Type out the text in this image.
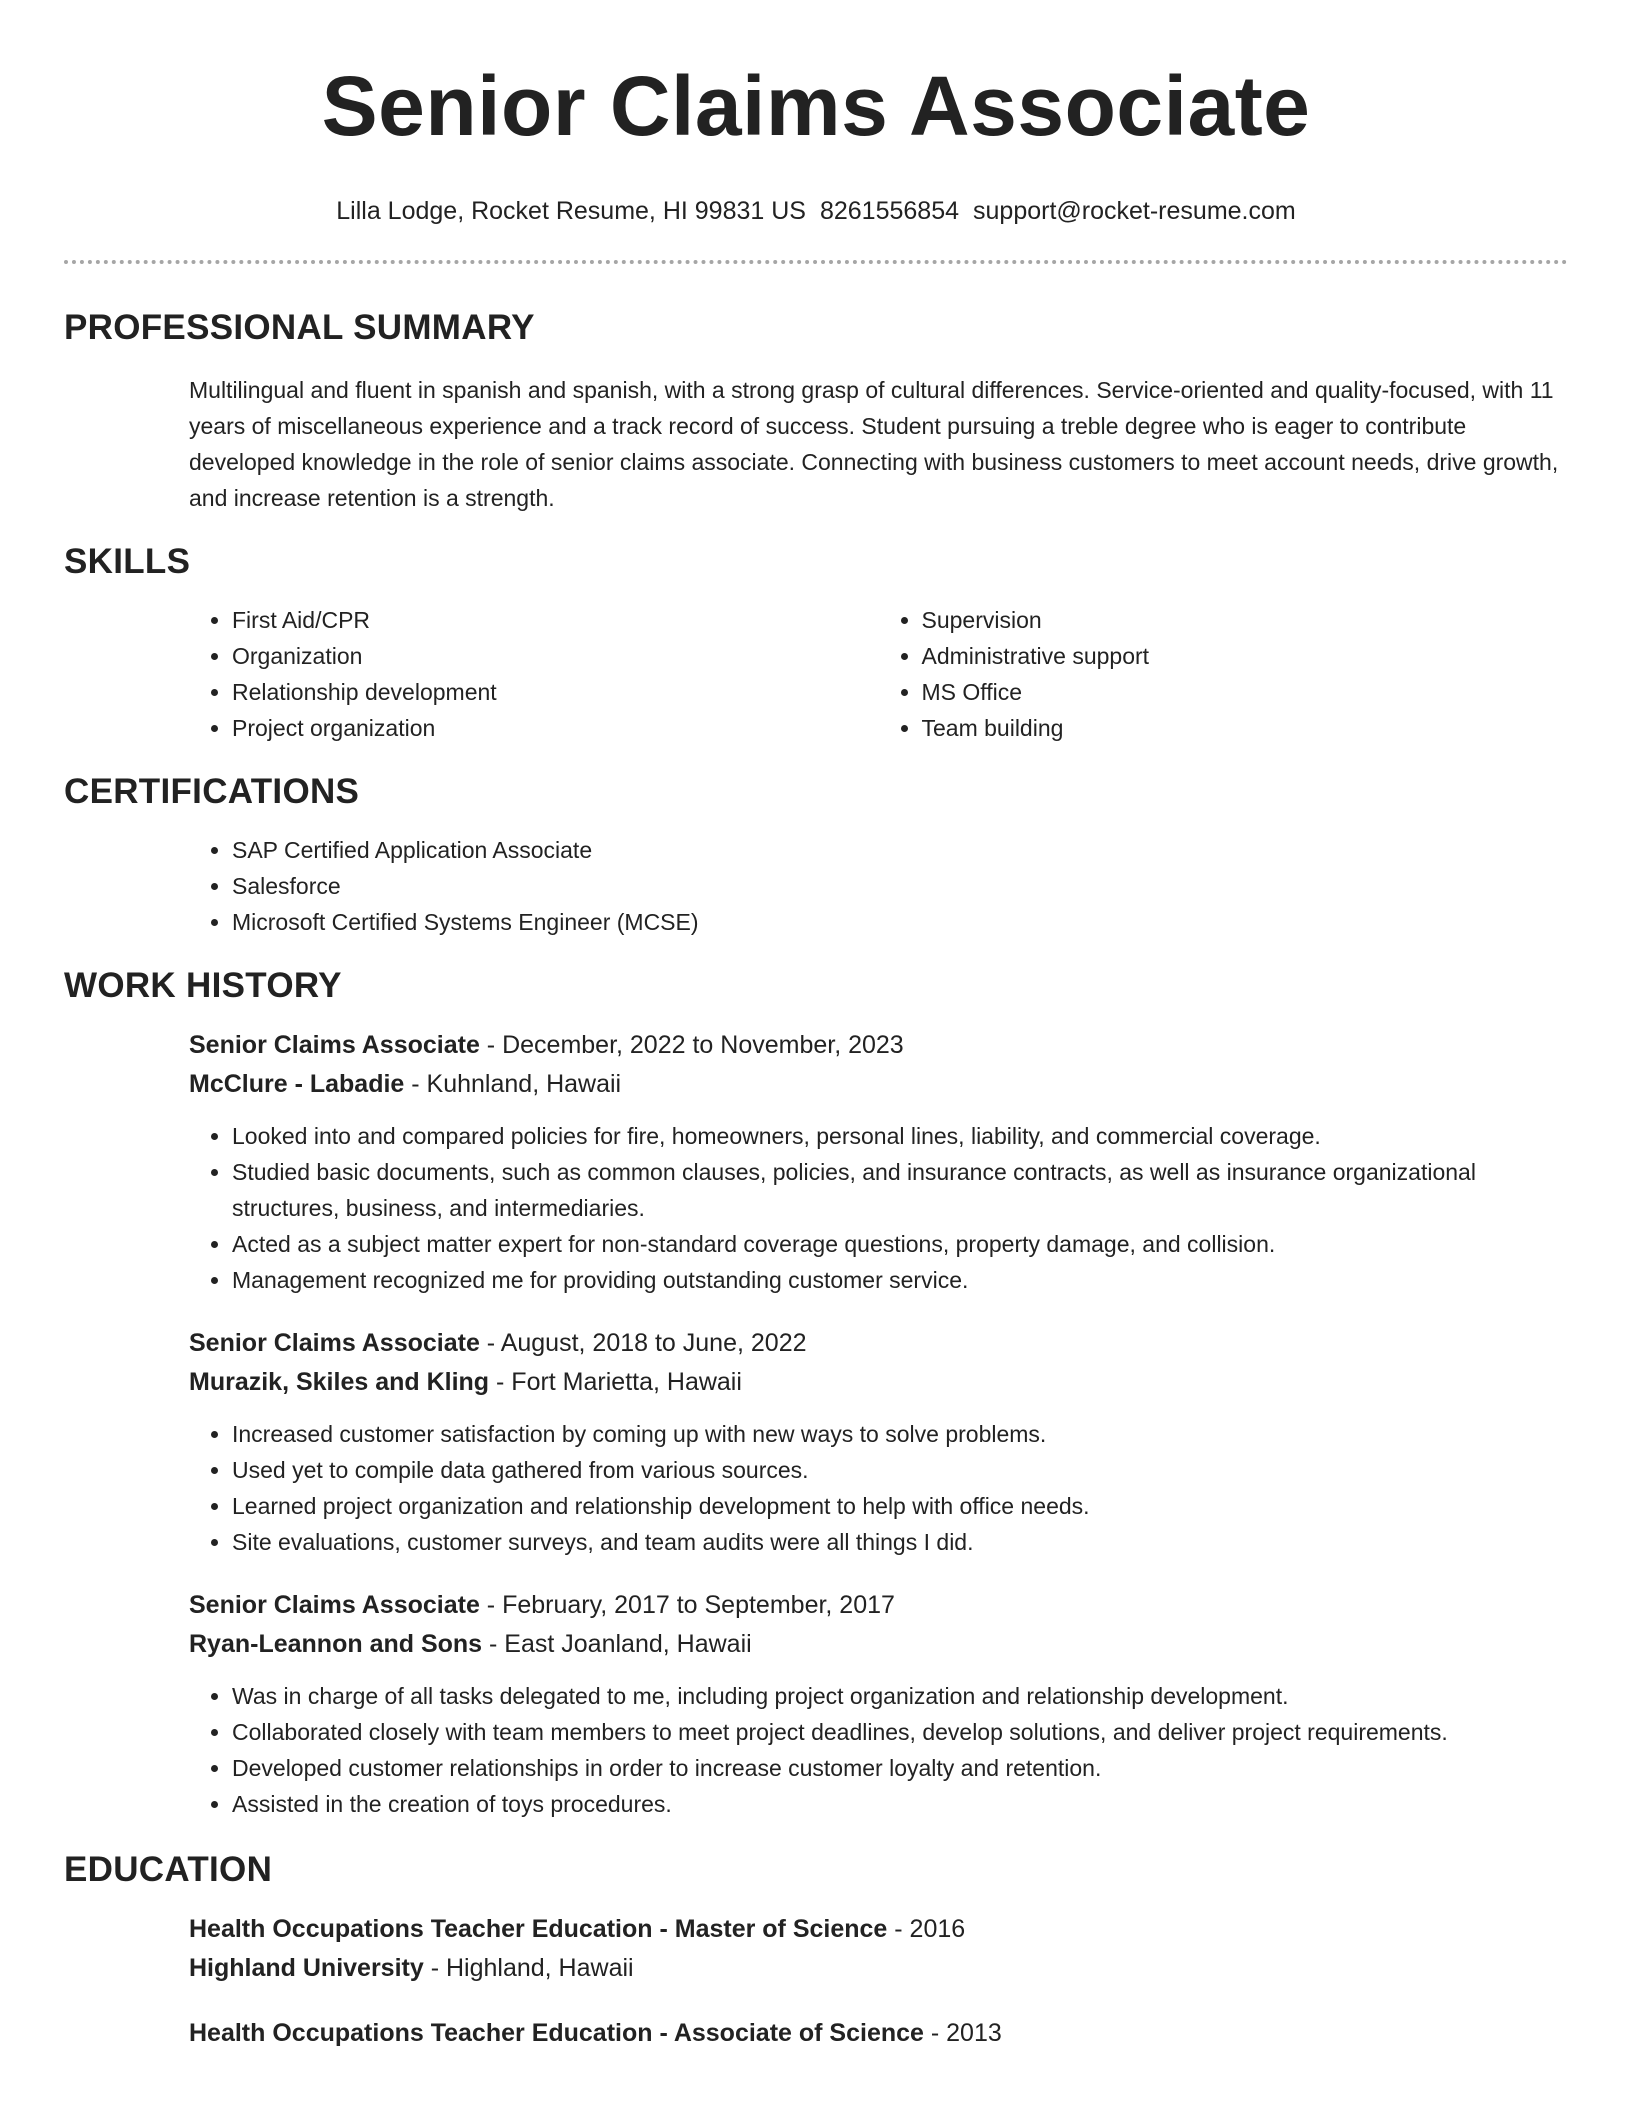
Senior Claims Associate
Lilla Lodge, Rocket Resume, HI 99831 US 8261556854 support@rocket-resume.com
PROFESSIONAL SUMMARY

Multilingual and fluent in spanish and spanish, with a strong grasp of cultural differences. Service-oriented and quality-focused, with 11 years of miscellaneous experience and a track record of success. Student pursuing a treble degree who is eager to contribute developed knowledge in the role of senior claims associate. Connecting with business customers to meet account needs, drive growth, and increase retention is a strength.

SKILLS
• First Aid/CPR
• Organization
• Relationship development
• Project organization
• Supervision
• Administrative support
• MS Office
• Team building
CERTIFICATIONS
• SAP Certified Application Associate
• Salesforce
• Microsoft Certified Systems Engineer (MCSE)
WORK HISTORY
Senior Claims Associate - December, 2022 to November, 2023
McClure - Labadie - Kuhnland, Hawaii
• Looked into and compared policies for fire, homeowners, personal lines, liability, and commercial coverage.
• Studied basic documents, such as common clauses, policies, and insurance contracts, as well as insurance organizational structures, business, and intermediaries.
• Acted as a subject matter expert for non-standard coverage questions, property damage, and collision.
• Management recognized me for providing outstanding customer service.
Senior Claims Associate - August, 2018 to June, 2022
Murazik, Skiles and Kling - Fort Marietta, Hawaii
• Increased customer satisfaction by coming up with new ways to solve problems.
• Used yet to compile data gathered from various sources.
• Learned project organization and relationship development to help with office needs.
• Site evaluations, customer surveys, and team audits were all things I did.
Senior Claims Associate - February, 2017 to September, 2017
Ryan-Leannon and Sons - East Joanland, Hawaii
• Was in charge of all tasks delegated to me, including project organization and relationship development.
• Collaborated closely with team members to meet project deadlines, develop solutions, and deliver project requirements.
• Developed customer relationships in order to increase customer loyalty and retention.
• Assisted in the creation of toys procedures.
EDUCATION
Health Occupations Teacher Education - Master of Science - 2016
Highland University - Highland, Hawaii
Health Occupations Teacher Education - Associate of Science - 2013
